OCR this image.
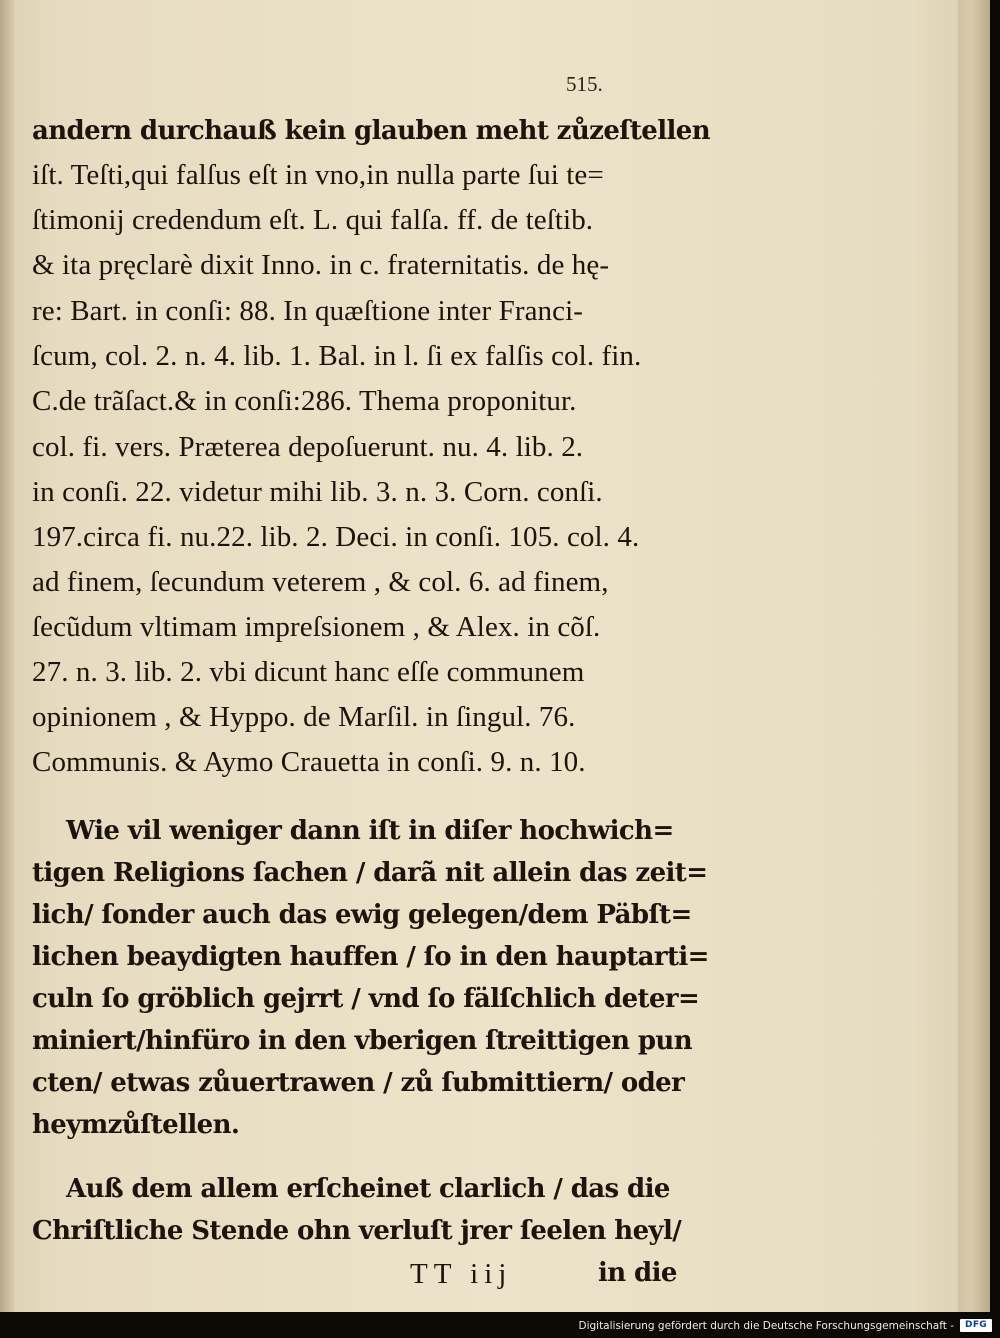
515.

andern durchauß kein glauben meht zůzeſtellen

iſt. Teſti,qui falſus eſt in vno,in nulla parte ſui te=

ſtimonij credendum eſt. L. qui falſa. ff. de teſtib.

& ita pręclarè dixit Inno. in c. fraternitatis. de hę-

re: Bart. in conſi: 88. In quæſtione inter Franci-

ſcum, col. 2. n. 4. lib. 1. Bal. in l. ſi ex falſis col. fin.

C.de trãſact.& in conſi:286. Thema proponitur.

col. fi. vers. Præterea depoſuerunt. nu. 4. lib. 2.

in conſi. 22. videtur mihi lib. 3. n. 3. Corn. conſi.

197.circa fi. nu.22. lib. 2. Deci. in conſi. 105. col. 4.

ad finem, ſecundum veterem , & col. 6. ad finem,

ſecũdum vltimam impreſsionem , & Alex. in cõſ.

27. n. 3. lib. 2. vbi dicunt hanc eſſe communem

opinionem , & Hyppo. de Marſil. in ſingul. 76.

Communis. & Aymo Crauetta in conſi. 9. n. 10.

Wie vil weniger dann iſt in diſer hochwich=

tigen Religions ſachen / darã nit allein das zeit=

lich/ ſonder auch das ewig gelegen/dem Päbſt=

lichen beaydigten hauffen / ſo in den hauptarti=

culn ſo gröblich gejrrt / vnd ſo fälſchlich deter=

miniert/hinfüro in den vberigen ſtreittigen pun

cten/ etwas zůuertrawen / zů ſubmittiern/ oder

heymzůſtellen.

Auß dem allem erſcheinet clarlich / das die

Chriſtliche Stende ohn verluſt jrer ſeelen heyl/

TT iij	in die

Digitalisierung gefördert durch die Deutsche Forschungsgemeinschaft -	DFG
